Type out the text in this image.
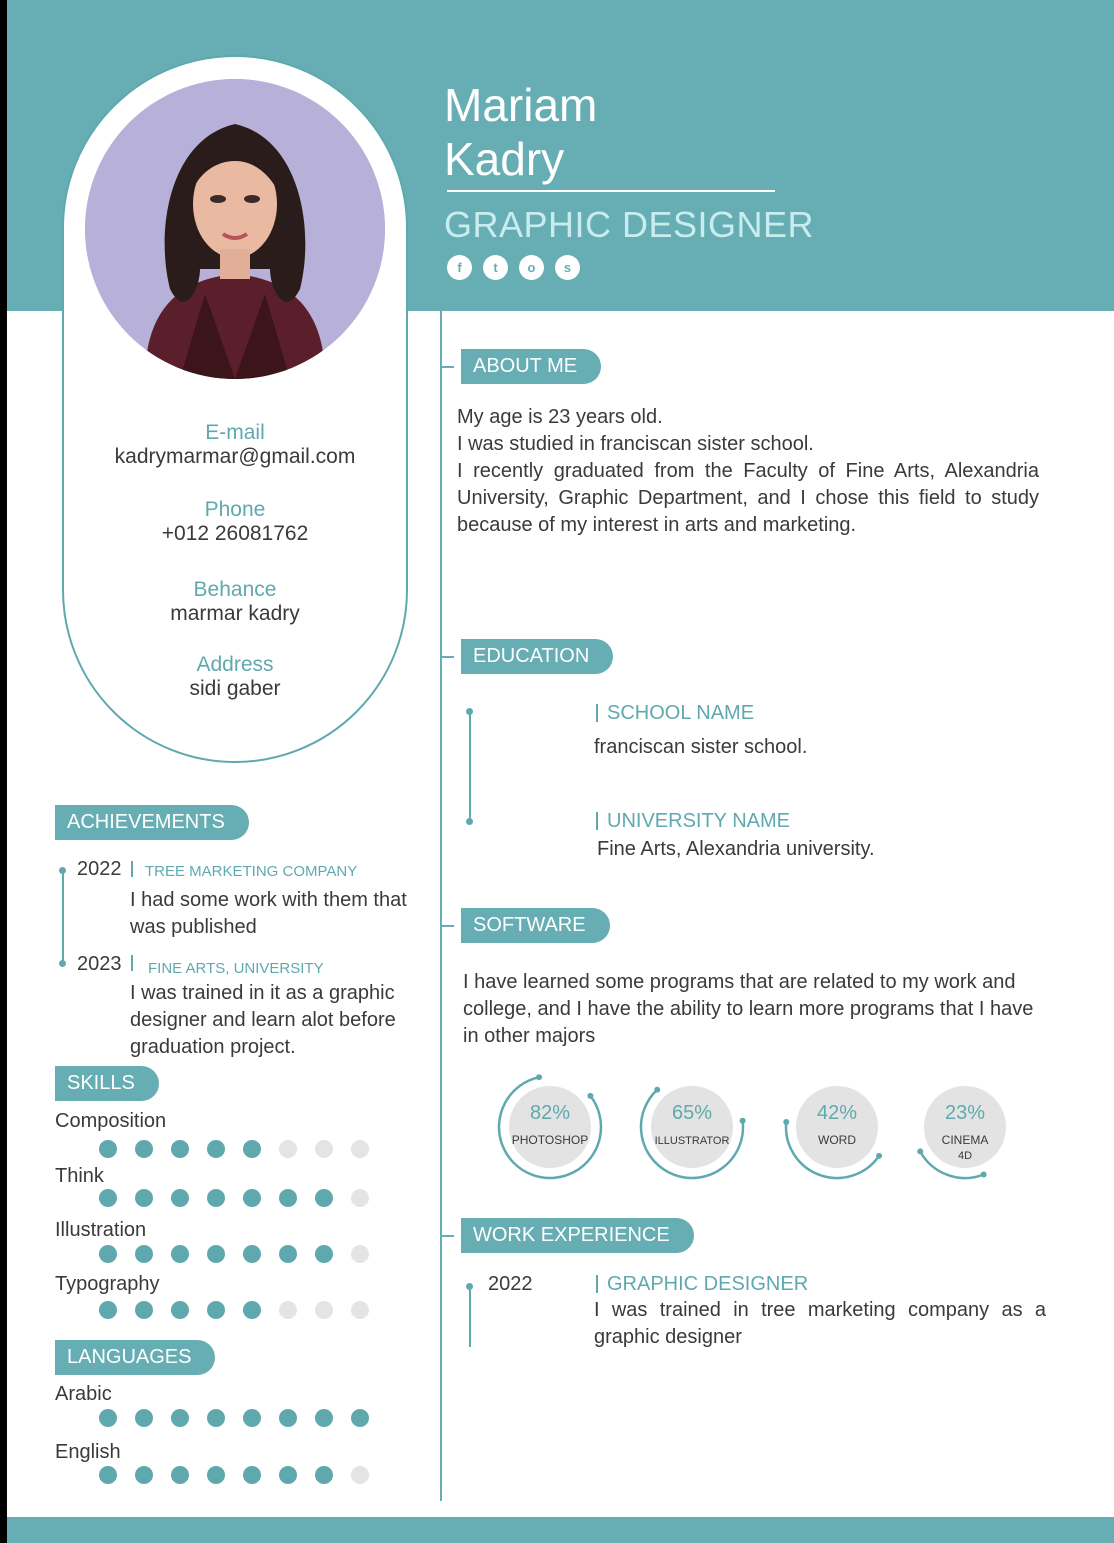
E-mail
kadrymarmar@gmail.com
Phone
+012 26081762
Behance
marmar kadry
Address
sidi gaber
Mariam
Kadry
GRAPHIC DESIGNER
f	t	o	s
ABOUT ME
My age is 23 years old.
I was studied in franciscan sister school.
I recently graduated from the Faculty of Fine Arts, Alexandria University, Graphic Department, and I chose this field to study because of my interest in arts and marketing.
EDUCATION
SCHOOL NAME
franciscan sister school.
UNIVERSITY NAME
Fine Arts, Alexandria university.
SOFTWARE
I have learned some programs that are related to my work and college, and I have the ability to learn more programs that I have in other majors
WORK EXPERIENCE
2022	GRAPHIC DESIGNER
I was trained in tree marketing company as a graphic designer
ACHIEVEMENTS
2022 TREE MARKETING COMPANY
I had some work with them that was published
2023 FINE ARTS, UNIVERSITY
I was trained in it as a graphic designer and learn alot before graduation project.
SKILLS
LANGUAGES
Composition
Think
Illustration
Typography
Arabic
English
82%
PHOTOSHOP
65%
ILLUSTRATOR
42%
WORD
23%
CINEMA
4D
